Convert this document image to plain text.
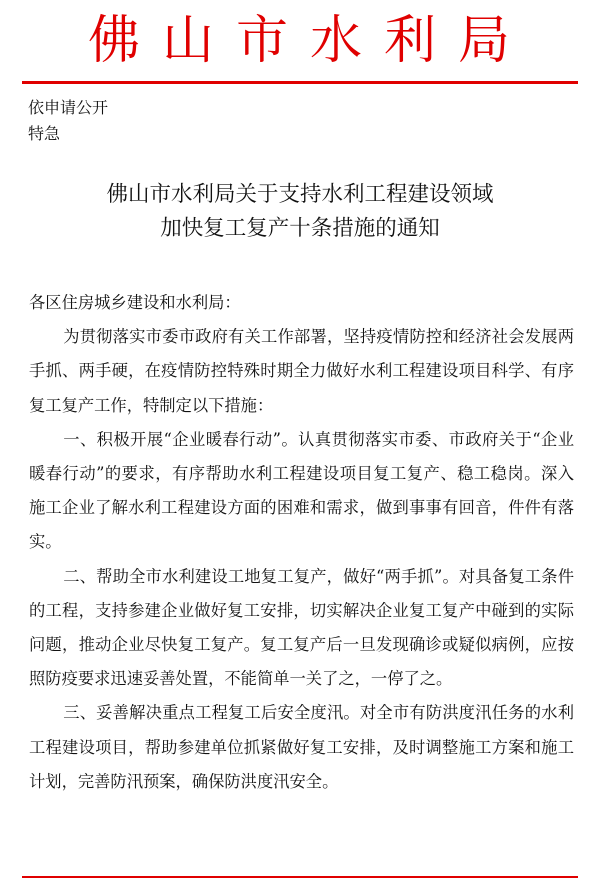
佛山市水利局
依申请公开
特急
佛山市水利局关于支持水利工程建设领域
加快复工复产十条措施的通知

各区住房城乡建设和水利局：

为贯彻落实市委市政府有关工作部署，坚持疫情防控和经济社会发展两手抓、两手硬，在疫情防控特殊时期全力做好水利工程建设项目科学、有序复工复产工作，特制定以下措施：

一、积极开展“企业暖春行动”。认真贯彻落实市委、市政府关于“企业暖春行动”的要求，有序帮助水利工程建设项目复工复产、稳工稳岗。深入施工企业了解水利工程建设方面的困难和需求，做到事事有回音，件件有落实。

二、帮助全市水利建设工地复工复产，做好“两手抓”。对具备复工条件的工程，支持参建企业做好复工安排，切实解决企业复工复产中碰到的实际问题，推动企业尽快复工复产。复工复产后一旦发现确诊或疑似病例，应按照防疫要求迅速妥善处置，不能简单一关了之，一停了之。

三、妥善解决重点工程复工后安全度汛。对全市有防洪度汛任务的水利工程建设项目，帮助参建单位抓紧做好复工安排，及时调整施工方案和施工计划，完善防汛预案，确保防洪度汛安全。
